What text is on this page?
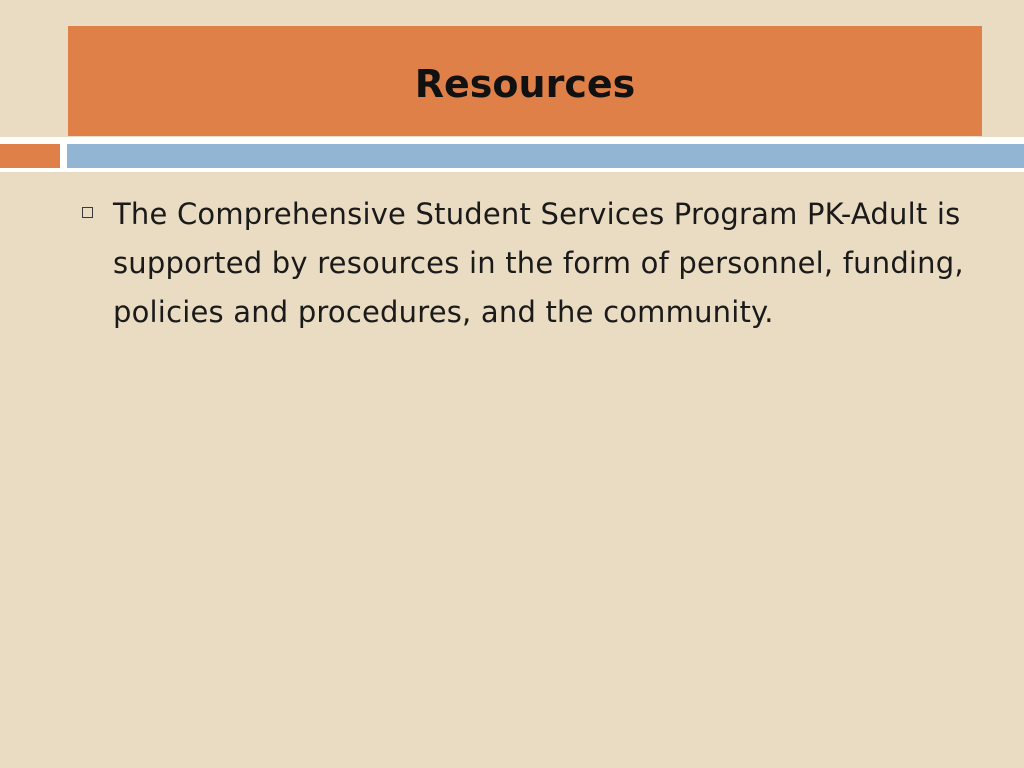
Resources
The Comprehensive Student Services Program PK-Adult is supported by resources in the form of personnel, funding, policies and procedures, and the community.
